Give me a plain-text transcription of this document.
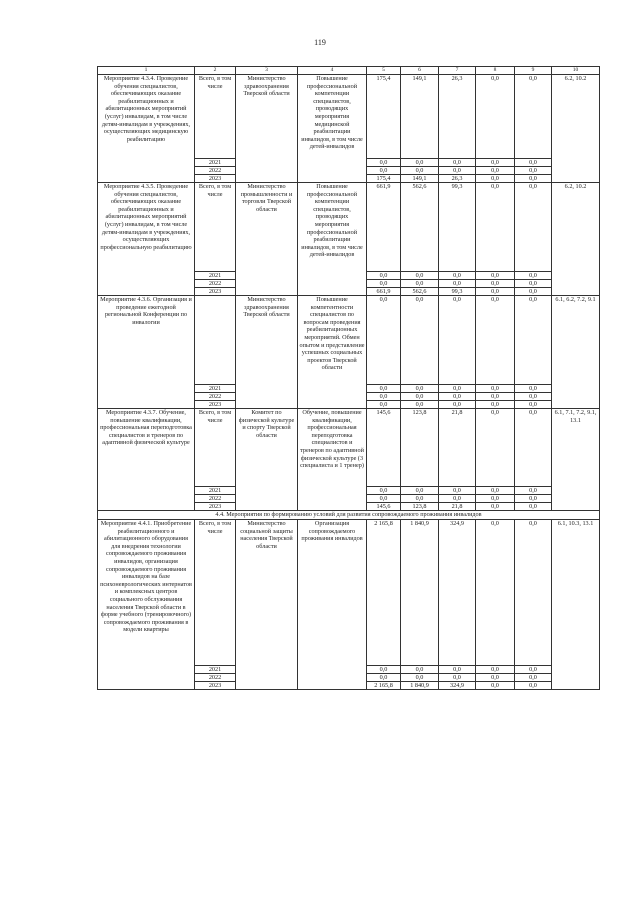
119
1	2	3	4	5	6	7	8	9	10
Мероприятие 4.3.4. Проведение обучения специалистов, обеспечивающих оказание реабилитационных и абилитационных мероприятий (услуг) инвалидам, в том числе детям-инвалидам в учреждениях, осуществляющих медицинскую реабилитацию	Всего, в том числе	Министерство здравоохранения Тверской области	Повышение профессиональной компетенции специалистов, проводящих мероприятия медицинской реабилитации инвалидов, в том числе детей-инвалидов	175,4	149,1	26,3	0,0	0,0	6.2, 10.2
	2021			0,0	0,0	0,0	0,0	0,0	
	2022			0,0	0,0	0,0	0,0	0,0	
	2023			175,4	149,1	26,3	0,0	0,0	
Мероприятие 4.3.5. Проведение обучения специалистов, обеспечивающих оказание реабилитационных и абилитационных мероприятий (услуг) инвалидам, в том числе детям-инвалидам в учреждениях, осуществляющих профессиональную реабилитацию	Всего, в том числе	Министерство промышленности и торговли Тверской области	Повышение профессиональной компетенции специалистов, проводящих мероприятия профессиональной реабилитации инвалидов, в том числе детей-инвалидов	661,9	562,6	99,3	0,0	0,0	6.2, 10.2
	2021			0,0	0,0	0,0	0,0	0,0	
	2022			0,0	0,0	0,0	0,0	0,0	
	2023			661,9	562,6	99,3	0,0	0,0	
Мероприятие 4.3.6. Организация и проведение ежегодной региональной Конференции по инвалогии		Министерство здравоохранения Тверской области	Повышение компетентности специалистов по вопросам проведения реабилитационных мероприятий. Обмен опытом и представление успешных социальных проектов Тверской области	0,0	0,0	0,0	0,0	0,0	6.1, 6.2, 7.2, 9.1
	2021			0,0	0,0	0,0	0,0	0,0	
	2022			0,0	0,0	0,0	0,0	0,0	
	2023			0,0	0,0	0,0	0,0	0,0	
Мероприятие 4.3.7. Обучение, повышение квалификации, профессиональная переподготовка специалистов и тренеров по адаптивной физической культуре	Всего, в том числе	Комитет по физической культуре и спорту Тверской области	Обучение, повышение квалификации, профессиональная переподготовка специалистов и тренеров по адаптивной физической культуре (3 специалиста и 1 тренер)	145,6	123,8	21,8	0,0	0,0	6.1, 7.1, 7.2, 9.1, 13.1
	2021			0,0	0,0	0,0	0,0	0,0	
	2022			0,0	0,0	0,0	0,0	0,0	
	2023			145,6	123,8	21,8	0,0	0,0	
4.4. Мероприятия по формированию условий для развития сопровождаемого проживания инвалидов									
Мероприятие 4.4.1. Приобретение реабилитационного и абилитационного оборудования для внедрения технологии сопровождаемого проживания инвалидов, организация сопровождаемого проживания инвалидов на базе психоневрологических интернатов и комплексных центров социального обслуживания населения Тверской области в форме учебного (тренировочного) сопровождаемого проживания в модели квартиры	Всего, в том числе	Министерство социальной защиты населения Тверской области	Организация сопровождаемого проживания инвалидов	2 165,8	1 840,9	324,9	0,0	0,0	6.1, 10.3, 13.1
	2021			0,0	0,0	0,0	0,0	0,0	
	2022			0,0	0,0	0,0	0,0	0,0	
	2023			2 165,8	1 840,9	324,9	0,0	0,0	
